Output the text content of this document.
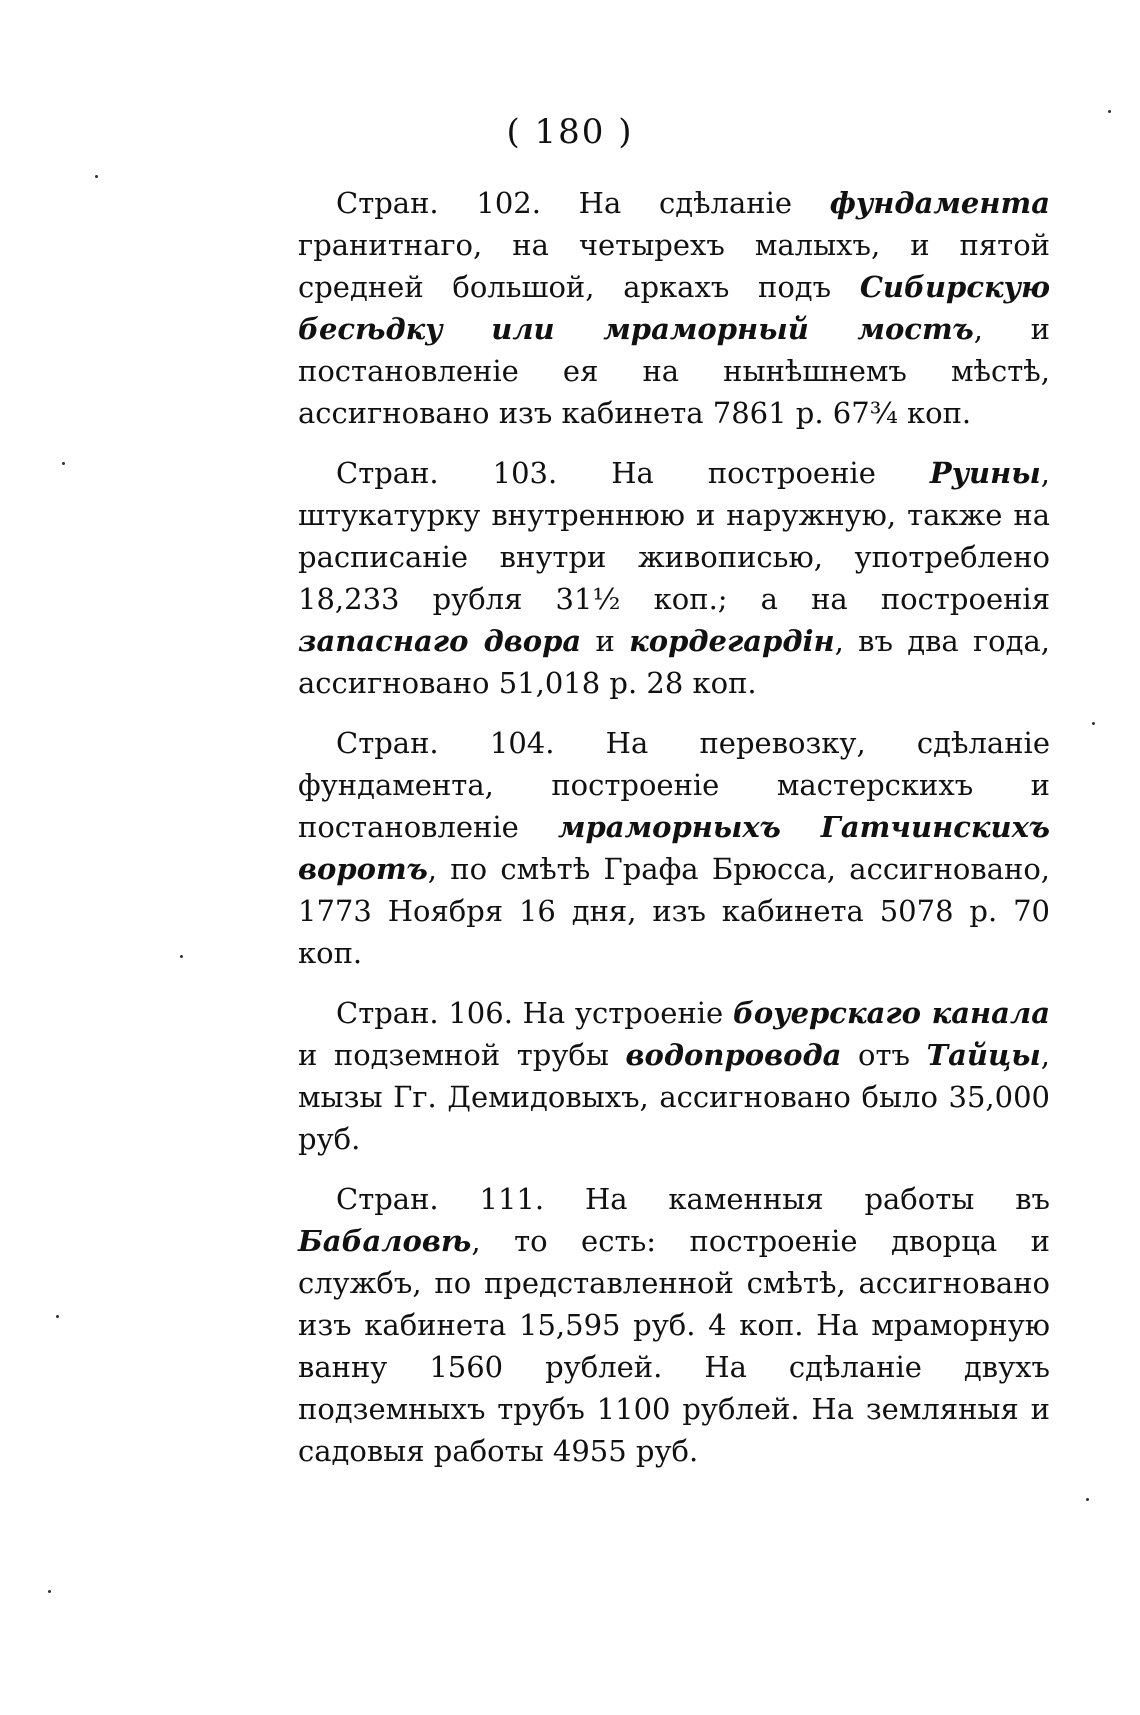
( 180 )

Стран. 102. На сдѣланіе фундамента гранитнаго, на четырехъ малыхъ, и пятой средней большой, аркахъ подъ Сибирскую бесѣдку или мраморный мостъ, и постановленіе ея на нынѣшнемъ мѣстѣ, ассигновано изъ кабинета 7861 р. 67¾ коп.

Стран. 103. На построеніе Руины, штукатурку внутреннюю и наружную, также на расписаніе внутри живописью, употреблено 18,233 рубля 31½ коп.; а на построенія запаснаго двора и кордегардін, въ два года, ассигновано 51,018 р. 28 коп.

Стран. 104. На перевозку, сдѣланіе фундамента, построеніе мастерскихъ и постановленіе мраморныхъ Гатчинскихъ воротъ, по смѣтѣ Графа Брюсса, ассигновано, 1773 Ноября 16 дня, изъ кабинета 5078 р. 70 коп.

Стран. 106. На устроеніе боуерскаго канала и подземной трубы водопровода отъ Тайцы, мызы Гг. Демидовыхъ, ассигновано было 35,000 руб.

Стран. 111. На каменныя работы въ Бабаловѣ, то есть: построеніе дворца и службъ, по представленной смѣтѣ, ассигновано изъ кабинета 15,595 руб. 4 коп. На мраморную ванну 1560 рублей. На сдѣланіе двухъ подземныхъ трубъ 1100 рублей. На земляныя и садовыя работы 4955 руб.
